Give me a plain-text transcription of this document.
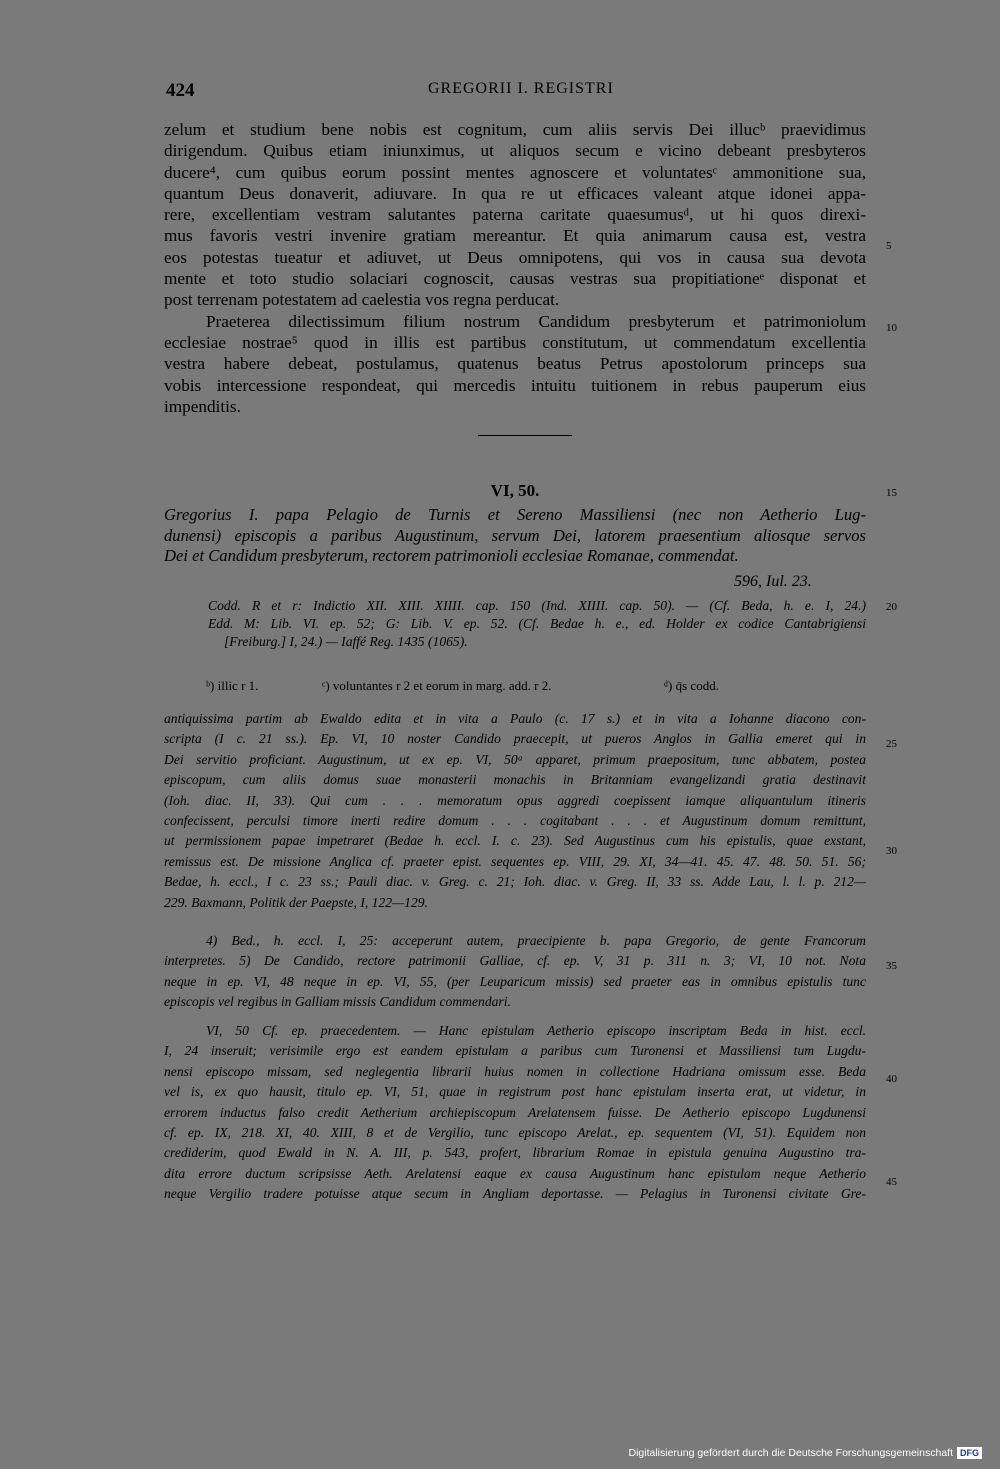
424	GREGORII I. REGISTRI
zelum et studium bene nobis est cognitum, cum aliis servis Dei illucᵇ praevidimus
dirigendum. Quibus etiam iniunximus, ut aliquos secum e vicino debeant presbyteros
ducere⁴, cum quibus eorum possint mentes agnoscere et voluntatesᶜ ammonitione sua,
quantum Deus donaverit, adiuvare. In qua re ut efficaces valeant atque idonei appa-
rere, excellentiam vestram salutantes paterna caritate quaesumusᵈ, ut hi quos direxi-
mus favoris vestri invenire gratiam mereantur. Et quia animarum causa est, vestra
eos potestas tueatur et adiuvet, ut Deus omnipotens, qui vos in causa sua devota
mente et toto studio solaciari cognoscit, causas vestras sua propitiationeᵉ disponat et
post terrenam potestatem ad caelestia vos regna perducat.
Praeterea dilectissimum filium nostrum Candidum presbyterum et patrimoniolum
ecclesiae nostrae⁵ quod in illis est partibus constitutum, ut commendatum excellentia
vestra habere debeat, postulamus, quatenus beatus Petrus apostolorum princeps sua
vobis intercessione respondeat, qui mercedis intuitu tuitionem in rebus pauperum eius
impenditis.
5
10
15
20
25
30
35
40
45
VI, 50.
Gregorius I. papa Pelagio de Turnis et Sereno Massiliensi (nec non Aetherio Lug-
dunensi) episcopis a paribus Augustinum, servum Dei, latorem praesentium aliosque servos
Dei et Candidum presbyterum, rectorem patrimonioli ecclesiae Romanae, commendat.
596, Iul. 23.
Codd. R et r: Indictio XII. XIII. XIIII. cap. 150 (Ind. XIIII. cap. 50). — (Cf. Beda, h. e. I, 24.)
Edd. M: Lib. VI. ep. 52; G: Lib. V. ep. 52. (Cf. Bedae h. e., ed. Holder ex codice Cantabrigiensi
[Freiburg.] I, 24.) — Iaffé Reg. 1435 (1065).
ᵇ) illic r 1.	ᶜ) voluntantes r 2 et eorum in marg. add. r 2.	ᵈ) q̄s codd.
antiquissima partim ab Ewaldo edita et in vita a Paulo (c. 17 s.) et in vita a Iohanne diacono con-
scripta (I c. 21 ss.). Ep. VI, 10 noster Candido praecepit, ut pueros Anglos in Gallia emeret qui in
Dei servitio proficiant. Augustinum, ut ex ep. VI, 50ᵃ apparet, primum praepositum, tunc abbatem, postea
episcopum, cum aliis domus suae monasterii monachis in Britanniam evangelizandi gratia destinavit
(Ioh. diac. II, 33). Qui cum . . . memoratum opus aggredi coepissent iamque aliquantulum itineris
confecissent, perculsi timore inerti redire domum . . . cogitabant . . . et Augustinum domum remittunt,
ut permissionem papae impetraret (Bedae h. eccl. I. c. 23). Sed Augustinus cum his epistulis, quae exstant,
remissus est. De missione Anglica cf. praeter epist. sequentes ep. VIII, 29. XI, 34—41. 45. 47. 48. 50. 51. 56;
Bedae, h. eccl., I c. 23 ss.; Pauli diac. v. Greg. c. 21; Ioh. diac. v. Greg. II, 33 ss. Adde Lau, l. l. p. 212—
229. Baxmann, Politik der Paepste, I, 122—129.
4) Bed., h. eccl. I, 25: acceperunt autem, praecipiente b. papa Gregorio, de gente Francorum
interpretes. 5) De Candido, rectore patrimonii Galliae, cf. ep. V, 31 p. 311 n. 3; VI, 10 not. Nota
neque in ep. VI, 48 neque in ep. VI, 55, (per Leuparicum missis) sed praeter eas in omnibus epistulis tunc
episcopis vel regibus in Galliam missis Candidum commendari.
VI, 50 Cf. ep. praecedentem. — Hanc epistulam Aetherio episcopo inscriptam Beda in hist. eccl.
I, 24 inseruit; verisimile ergo est eandem epistulam a paribus cum Turonensi et Massiliensi tum Lugdu-
nensi episcopo missam, sed neglegentia librarii huius nomen in collectione Hadriana omissum esse. Beda
vel is, ex quo hausit, titulo ep. VI, 51, quae in registrum post hanc epistulam inserta erat, ut videtur, in
errorem inductus falso credit Aetherium archiepiscopum Arelatensem fuisse. De Aetherio episcopo Lugdunensi
cf. ep. IX, 218. XI, 40. XIII, 8 et de Vergilio, tunc episcopo Arelat., ep. sequentem (VI, 51). Equidem non
crediderim, quod Ewald in N. A. III, p. 543, profert, librarium Romae in epistula genuina Augustino tra-
dita errore ductum scripsisse Aeth. Arelatensi eaque ex causa Augustinum hanc epistulam neque Aetherio
neque Vergilio tradere potuisse atque secum in Angliam deportasse. — Pelagius in Turonensi civitate Gre-
Digitalisierung gefördert durch die Deutsche Forschungsgemeinschaft DFG
